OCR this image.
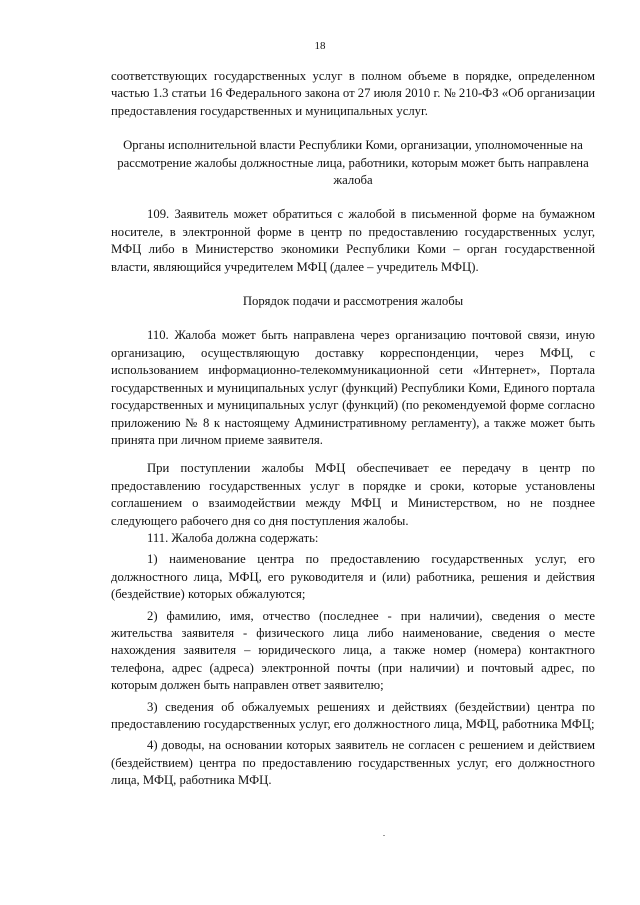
18

соответствующих государственных услуг в полном объеме в порядке, определенном частью 1.3 статьи 16 Федерального закона от 27 июля 2010 г. № 210-ФЗ «Об организации предоставления государственных и муниципальных услуг.

Органы исполнительной власти Республики Коми, организации, уполномоченные на рассмотрение жалобы должностные лица, работники, которым может быть направлена жалоба

109. Заявитель может обратиться с жалобой в письменной форме на бумажном носителе, в электронной форме в центр по предоставлению государственных услуг, МФЦ либо в Министерство экономики Республики Коми – орган государственной власти, являющийся учредителем МФЦ (далее – учредитель МФЦ).

Порядок подачи и рассмотрения жалобы

110. Жалоба может быть направлена через организацию почтовой связи, иную организацию, осуществляющую доставку корреспонденции, через МФЦ, с использованием информационно-телекоммуникационной сети «Интернет», Портала государственных и муниципальных услуг (функций) Республики Коми, Единого портала государственных и муниципальных услуг (функций) (по рекомендуемой форме согласно приложению № 8 к настоящему Административному регламенту), а также может быть принята при личном приеме заявителя.

При поступлении жалобы МФЦ обеспечивает ее передачу в центр по предоставлению государственных услуг в порядке и сроки, которые установлены соглашением о взаимодействии между МФЦ и Министерством, но не позднее следующего рабочего дня со дня поступления жалобы.

111. Жалоба должна содержать:

1) наименование центра по предоставлению государственных услуг, его должностного лица, МФЦ, его руководителя и (или) работника, решения и действия (бездействие) которых обжалуются;

2) фамилию, имя, отчество (последнее - при наличии), сведения о месте жительства заявителя - физического лица либо наименование, сведения о месте нахождения заявителя – юридического лица, а также номер (номера) контактного телефона, адрес (адреса) электронной почты (при наличии) и почтовый адрес, по которым должен быть направлен ответ заявителю;

3) сведения об обжалуемых решениях и действиях (бездействии) центра по предоставлению государственных услуг, его должностного лица, МФЦ, работника МФЦ;

4) доводы, на основании которых заявитель не согласен с решением и действием (бездействием) центра по предоставлению государственных услуг, его должностного лица, МФЦ, работника МФЦ.
